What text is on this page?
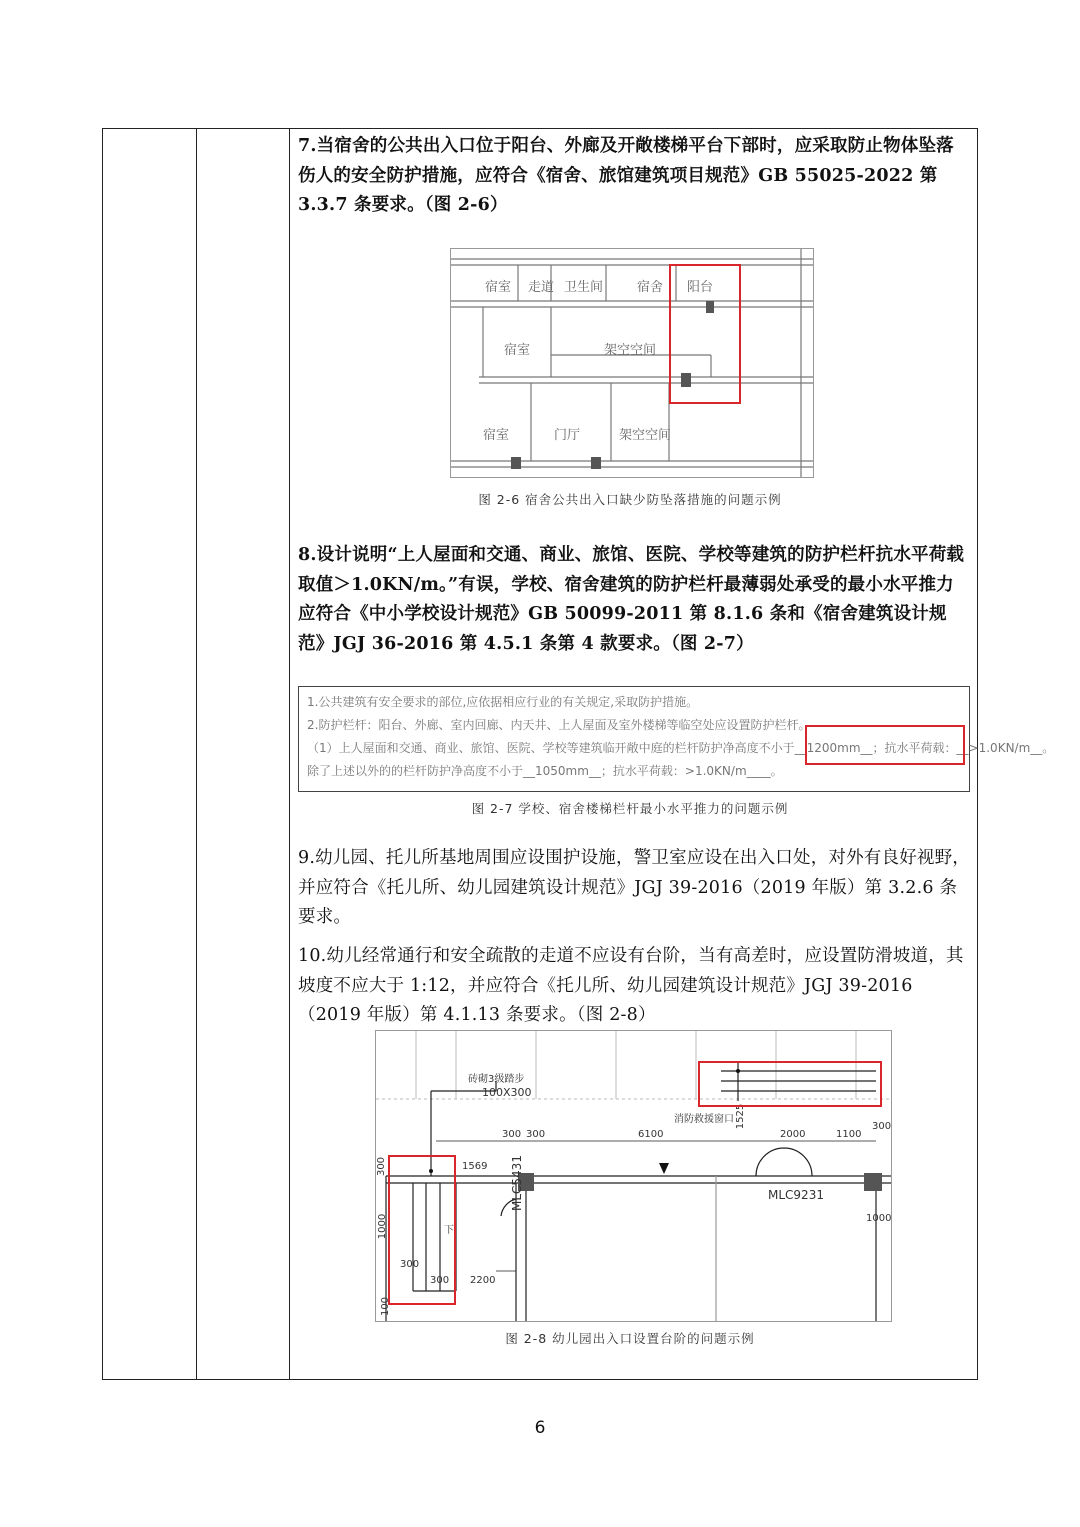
7.当宿舍的公共出入口位于阳台、外廊及开敞楼梯平台下部时，应采取防止物体坠落伤人的安全防护措施，应符合《宿舍、旅馆建筑项目规范》GB 55025-2022 第 3.3.7 条要求。（图 2-6）

宿室 走道 卫生间	宿舍 阳台
宿室	架空空间
宿室	门厅	架空空间
图 2-6 宿舍公共出入口缺少防坠落措施的问题示例

8.设计说明“上人屋面和交通、商业、旅馆、医院、学校等建筑的防护栏杆抗水平荷载取值＞1.0KN/m。”有误，学校、宿舍建筑的防护栏杆最薄弱处承受的最小水平推力应符合《中小学校设计规范》GB 50099-2011 第 8.1.6 条和《宿舍建筑设计规范》JGJ 36-2016 第 4.5.1 条第 4 款要求。（图 2-7）

1.公共建筑有安全要求的部位,应依据相应行业的有关规定,采取防护措施。
2.防护栏杆：阳台、外廊、室内回廊、内天井、上人屋面及室外楼梯等临空处应设置防护栏杆。
（1）上人屋面和交通、商业、旅馆、医院、学校等建筑临开敞中庭的栏杆防护净高度不小于__1200mm__；抗水平荷载：__>1.0KN/m__。
除了上述以外的的栏杆防护净高度不小于__1050mm__；抗水平荷载：>1.0KN/m____。
图 2-7 学校、宿舍楼梯栏杆最小水平推力的问题示例

9.幼儿园、托儿所基地周围应设围护设施，警卫室应设在出入口处，对外有良好视野，并应符合《托儿所、幼儿园建筑设计规范》JGJ 39-2016（2019 年版）第 3.2.6 条要求。

10.幼儿经常通行和安全疏散的走道不应设有台阶，当有高差时，应设置防滑坡道，其坡度不应大于 1:12，并应符合《托儿所、幼儿园建筑设计规范》JGJ 39-2016（2019 年版）第 4.1.13 条要求。（图 2-8）

砖砌3级踏步
100X300
消防救援窗口
300 300	6100
1525
2000	1100
300
1569
300
1000
300
300 2200
1000
100
下
MLC5431	MLC9231
图 2-8 幼儿园出入口设置台阶的问题示例
6
